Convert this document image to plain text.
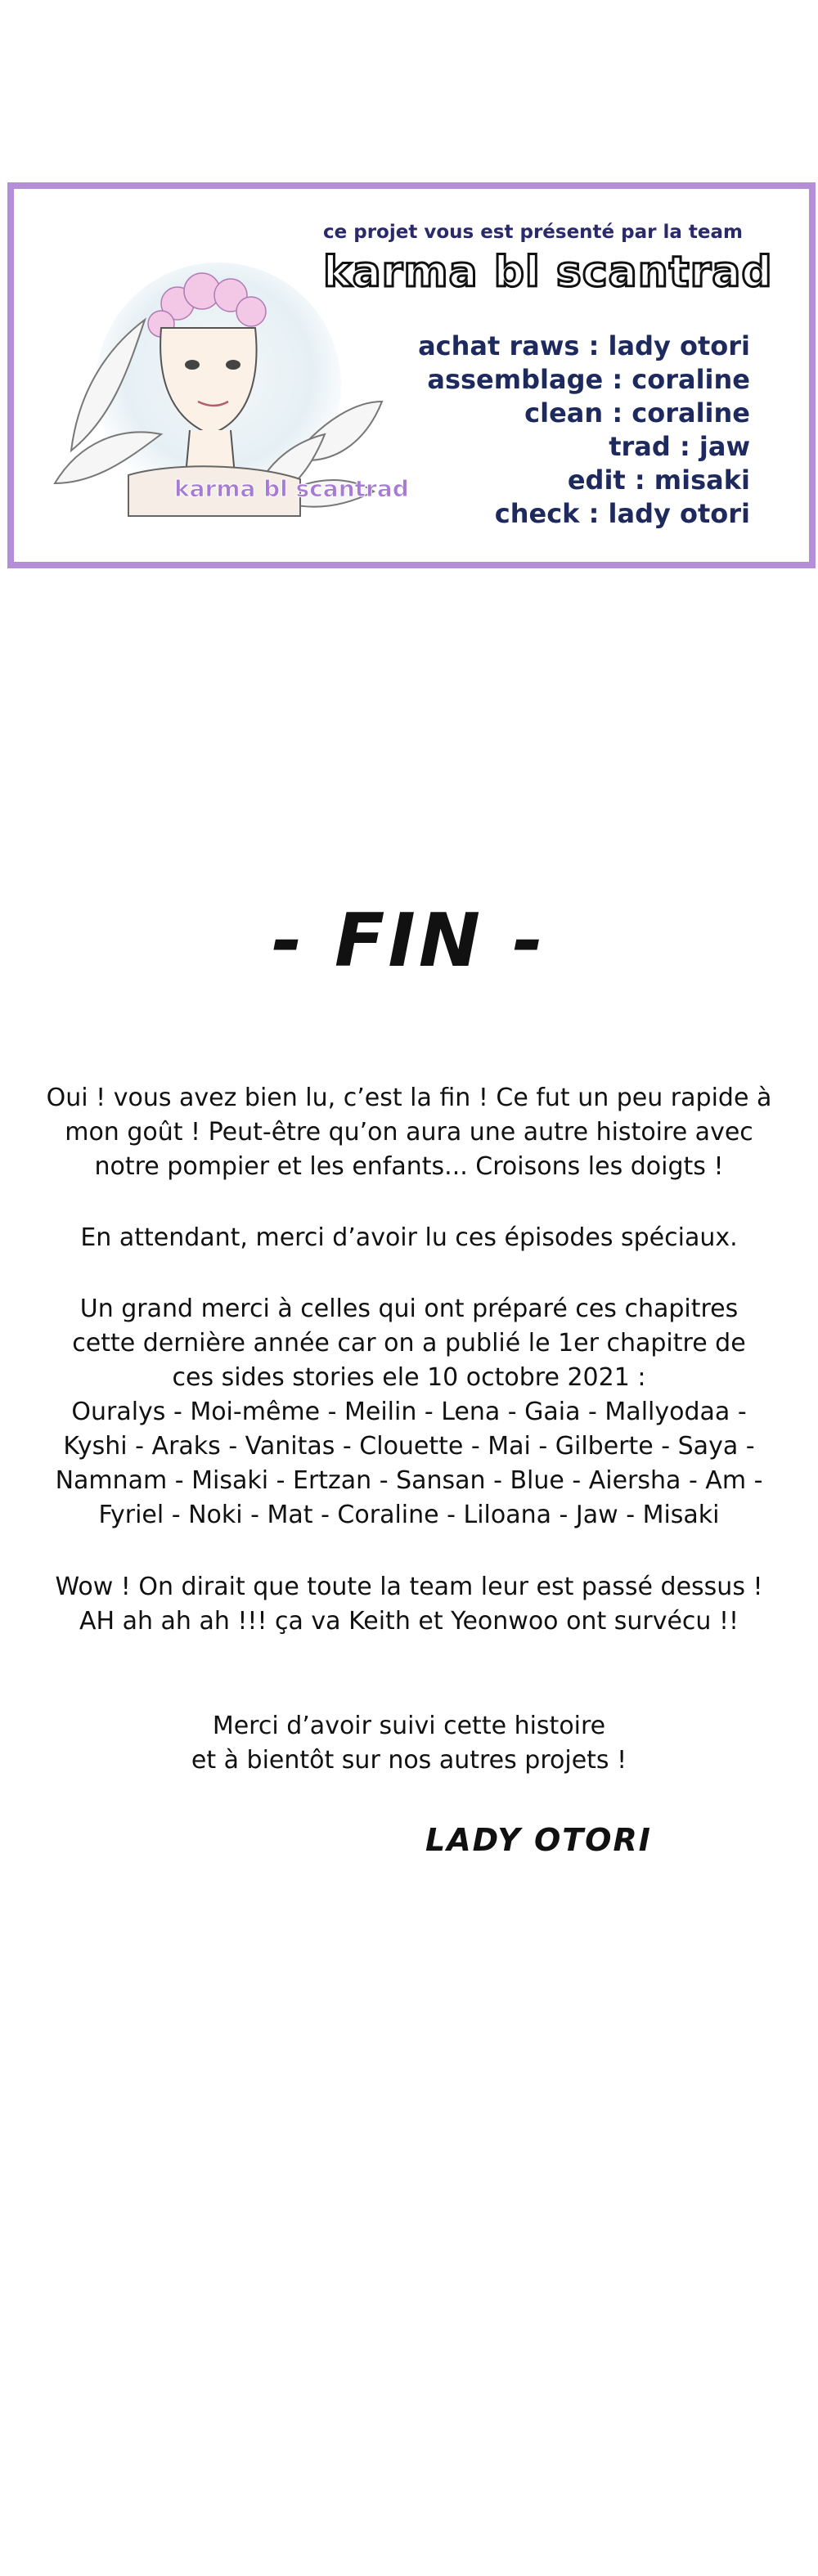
ce projet vous est présenté par la team
karma bl scantrad
achat raws : lady otori
assemblage : coraline
clean : coraline
trad : jaw
edit : misaki
check : lady otori
karma bl scantrad
- FIN -
Oui ! vous avez bien lu, c’est la fin ! Ce fut un peu rapide à
mon goût ! Peut-être qu’on aura une autre histoire avec
notre pompier et les enfants... Croisons les doigts !
En attendant, merci d’avoir lu ces épisodes spéciaux.
Un grand merci à celles qui ont préparé ces chapitres
cette dernière année car on a publié le 1er chapitre de
ces sides stories ele 10 octobre 2021 :
Ouralys - Moi-même - Meilin - Lena - Gaia - Mallyodaa -
Kyshi - Araks - Vanitas - Clouette - Mai - Gilberte - Saya -
Namnam - Misaki - Ertzan - Sansan - Blue - Aiersha - Am -
Fyriel - Noki - Mat - Coraline - Liloana - Jaw - Misaki
Wow ! On dirait que toute la team leur est passé dessus !
AH ah ah ah !!! ça va Keith et Yeonwoo ont survécu !!
Merci d’avoir suivi cette histoire
et à bientôt sur nos autres projets !
LADY OTORI
